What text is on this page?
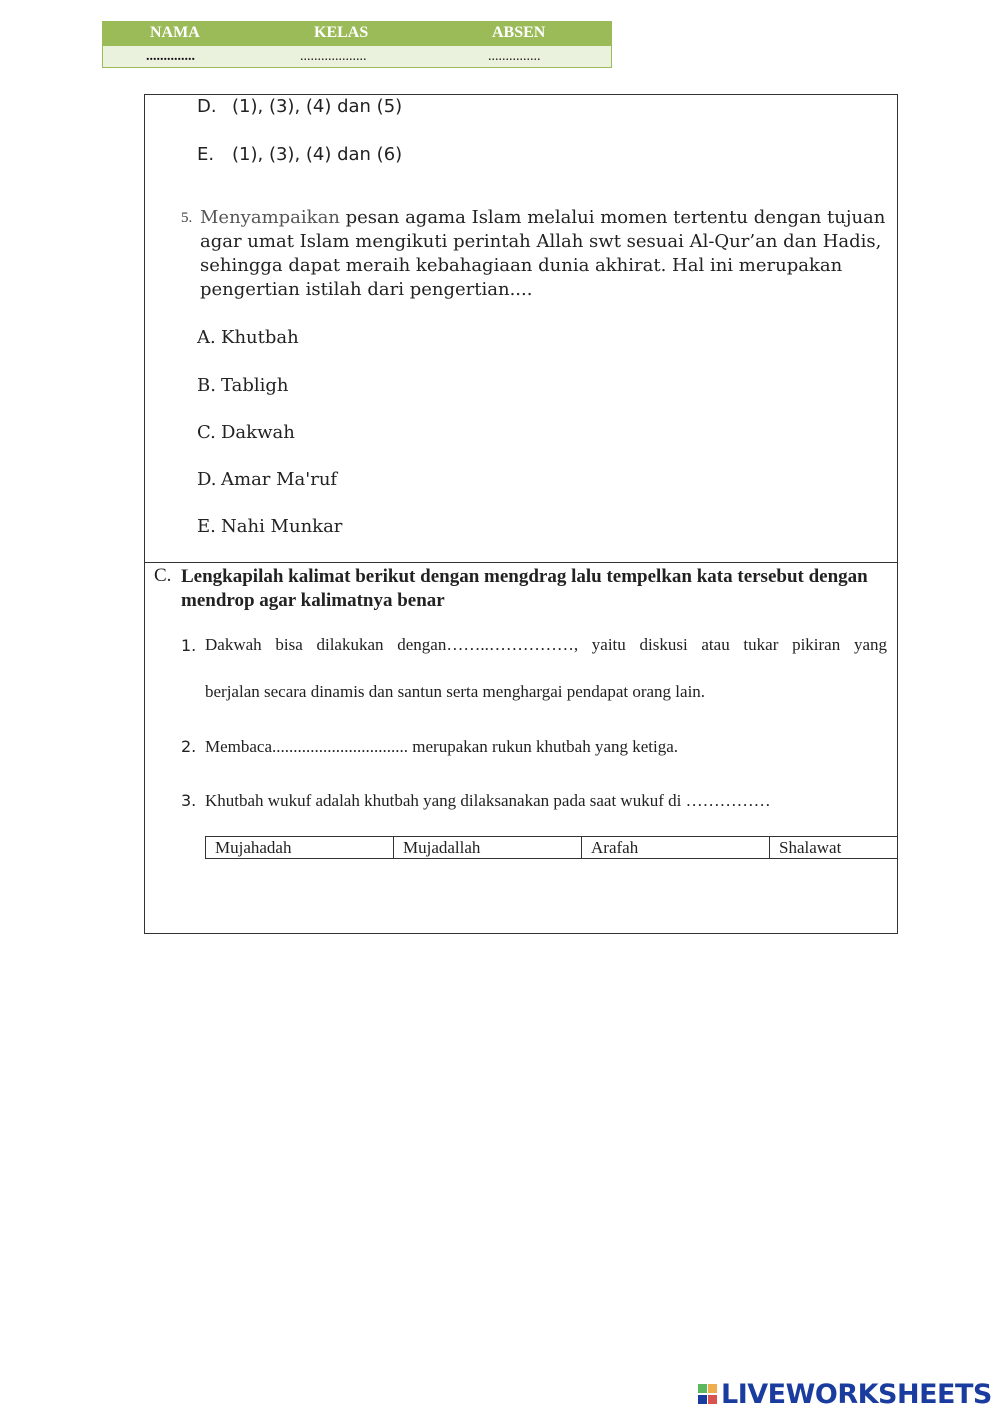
NAMA	KELAS	ABSEN
..............	...................	...............
D. (1), (3), (4) dan (5)
E. (1), (3), (4) dan (6)
5. Menyampaikan pesan agama Islam melalui momen tertentu dengan tujuan agar umat Islam mengikuti perintah Allah swt sesuai Al-Qur’an dan Hadis, sehingga dapat meraih kebahagiaan dunia akhirat. Hal ini merupakan pengertian istilah dari pengertian....
A. Khutbah
B. Tabligh
C. Dakwah
D. Amar Ma'ruf
E. Nahi Munkar
C. Lengkapilah kalimat berikut dengan mengdrag lalu tempelkan kata tersebut dengan mendrop agar kalimatnya benar
1. Dakwah bisa dilakukan dengan……..……………, yaitu diskusi atau tukar pikiran yang
berjalan secara dinamis dan santun serta menghargai pendapat orang lain.
2. Membaca................................ merupakan rukun khutbah yang ketiga.
3. Khutbah wukuf adalah khutbah yang dilaksanakan pada saat wukuf di ……………
Mujahadah	Mujadallah	Arafah	Shalawat
LIVEWORKSHEETS
